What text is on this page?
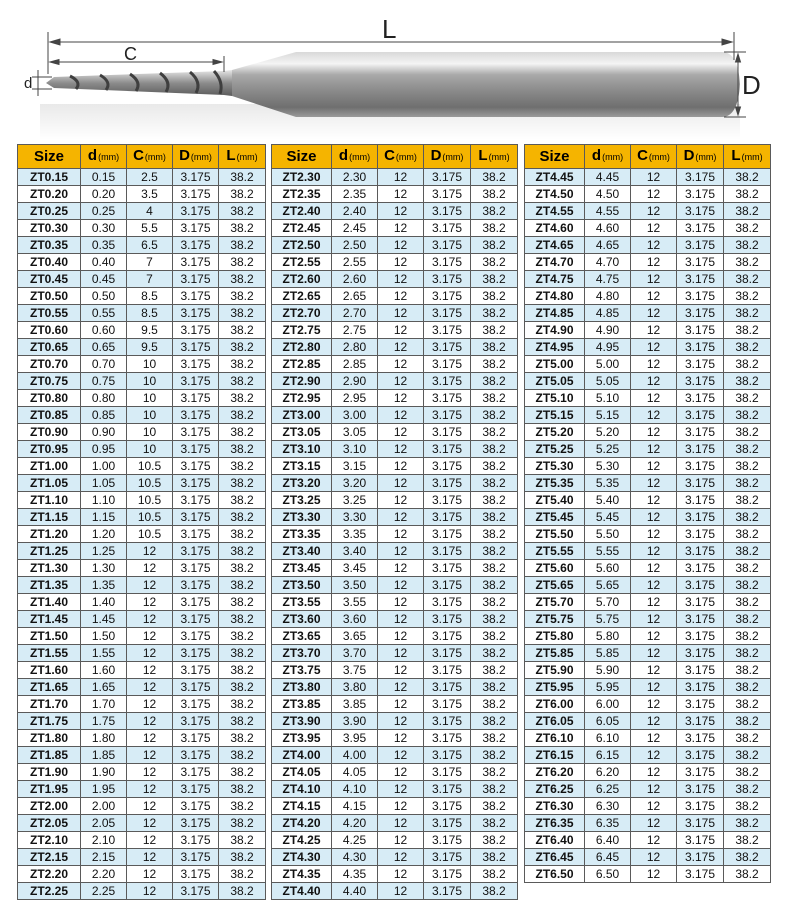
L
C
d	D
Size	d(mm)	C(mm)	D(mm)	L(mm)
ZT0.15	0.15	2.5	3.175	38.2
ZT0.20	0.20	3.5	3.175	38.2
ZT0.25	0.25	4	3.175	38.2
ZT0.30	0.30	5.5	3.175	38.2
ZT0.35	0.35	6.5	3.175	38.2
ZT0.40	0.40	7	3.175	38.2
ZT0.45	0.45	7	3.175	38.2
ZT0.50	0.50	8.5	3.175	38.2
ZT0.55	0.55	8.5	3.175	38.2
ZT0.60	0.60	9.5	3.175	38.2
ZT0.65	0.65	9.5	3.175	38.2
ZT0.70	0.70	10	3.175	38.2
ZT0.75	0.75	10	3.175	38.2
ZT0.80	0.80	10	3.175	38.2
ZT0.85	0.85	10	3.175	38.2
ZT0.90	0.90	10	3.175	38.2
ZT0.95	0.95	10	3.175	38.2
ZT1.00	1.00	10.5	3.175	38.2
ZT1.05	1.05	10.5	3.175	38.2
ZT1.10	1.10	10.5	3.175	38.2
ZT1.15	1.15	10.5	3.175	38.2
ZT1.20	1.20	10.5	3.175	38.2
ZT1.25	1.25	12	3.175	38.2
ZT1.30	1.30	12	3.175	38.2
ZT1.35	1.35	12	3.175	38.2
ZT1.40	1.40	12	3.175	38.2
ZT1.45	1.45	12	3.175	38.2
ZT1.50	1.50	12	3.175	38.2
ZT1.55	1.55	12	3.175	38.2
ZT1.60	1.60	12	3.175	38.2
ZT1.65	1.65	12	3.175	38.2
ZT1.70	1.70	12	3.175	38.2
ZT1.75	1.75	12	3.175	38.2
ZT1.80	1.80	12	3.175	38.2
ZT1.85	1.85	12	3.175	38.2
ZT1.90	1.90	12	3.175	38.2
ZT1.95	1.95	12	3.175	38.2
ZT2.00	2.00	12	3.175	38.2
ZT2.05	2.05	12	3.175	38.2
ZT2.10	2.10	12	3.175	38.2
ZT2.15	2.15	12	3.175	38.2
ZT2.20	2.20	12	3.175	38.2
ZT2.25	2.25	12	3.175	38.2
Size	d(mm)	C(mm)	D(mm)	L(mm)
ZT2.30	2.30	12	3.175	38.2
ZT2.35	2.35	12	3.175	38.2
ZT2.40	2.40	12	3.175	38.2
ZT2.45	2.45	12	3.175	38.2
ZT2.50	2.50	12	3.175	38.2
ZT2.55	2.55	12	3.175	38.2
ZT2.60	2.60	12	3.175	38.2
ZT2.65	2.65	12	3.175	38.2
ZT2.70	2.70	12	3.175	38.2
ZT2.75	2.75	12	3.175	38.2
ZT2.80	2.80	12	3.175	38.2
ZT2.85	2.85	12	3.175	38.2
ZT2.90	2.90	12	3.175	38.2
ZT2.95	2.95	12	3.175	38.2
ZT3.00	3.00	12	3.175	38.2
ZT3.05	3.05	12	3.175	38.2
ZT3.10	3.10	12	3.175	38.2
ZT3.15	3.15	12	3.175	38.2
ZT3.20	3.20	12	3.175	38.2
ZT3.25	3.25	12	3.175	38.2
ZT3.30	3.30	12	3.175	38.2
ZT3.35	3.35	12	3.175	38.2
ZT3.40	3.40	12	3.175	38.2
ZT3.45	3.45	12	3.175	38.2
ZT3.50	3.50	12	3.175	38.2
ZT3.55	3.55	12	3.175	38.2
ZT3.60	3.60	12	3.175	38.2
ZT3.65	3.65	12	3.175	38.2
ZT3.70	3.70	12	3.175	38.2
ZT3.75	3.75	12	3.175	38.2
ZT3.80	3.80	12	3.175	38.2
ZT3.85	3.85	12	3.175	38.2
ZT3.90	3.90	12	3.175	38.2
ZT3.95	3.95	12	3.175	38.2
ZT4.00	4.00	12	3.175	38.2
ZT4.05	4.05	12	3.175	38.2
ZT4.10	4.10	12	3.175	38.2
ZT4.15	4.15	12	3.175	38.2
ZT4.20	4.20	12	3.175	38.2
ZT4.25	4.25	12	3.175	38.2
ZT4.30	4.30	12	3.175	38.2
ZT4.35	4.35	12	3.175	38.2
ZT4.40	4.40	12	3.175	38.2
Size	d(mm)	C(mm)	D(mm)	L(mm)
ZT4.45	4.45	12	3.175	38.2
ZT4.50	4.50	12	3.175	38.2
ZT4.55	4.55	12	3.175	38.2
ZT4.60	4.60	12	3.175	38.2
ZT4.65	4.65	12	3.175	38.2
ZT4.70	4.70	12	3.175	38.2
ZT4.75	4.75	12	3.175	38.2
ZT4.80	4.80	12	3.175	38.2
ZT4.85	4.85	12	3.175	38.2
ZT4.90	4.90	12	3.175	38.2
ZT4.95	4.95	12	3.175	38.2
ZT5.00	5.00	12	3.175	38.2
ZT5.05	5.05	12	3.175	38.2
ZT5.10	5.10	12	3.175	38.2
ZT5.15	5.15	12	3.175	38.2
ZT5.20	5.20	12	3.175	38.2
ZT5.25	5.25	12	3.175	38.2
ZT5.30	5.30	12	3.175	38.2
ZT5.35	5.35	12	3.175	38.2
ZT5.40	5.40	12	3.175	38.2
ZT5.45	5.45	12	3.175	38.2
ZT5.50	5.50	12	3.175	38.2
ZT5.55	5.55	12	3.175	38.2
ZT5.60	5.60	12	3.175	38.2
ZT5.65	5.65	12	3.175	38.2
ZT5.70	5.70	12	3.175	38.2
ZT5.75	5.75	12	3.175	38.2
ZT5.80	5.80	12	3.175	38.2
ZT5.85	5.85	12	3.175	38.2
ZT5.90	5.90	12	3.175	38.2
ZT5.95	5.95	12	3.175	38.2
ZT6.00	6.00	12	3.175	38.2
ZT6.05	6.05	12	3.175	38.2
ZT6.10	6.10	12	3.175	38.2
ZT6.15	6.15	12	3.175	38.2
ZT6.20	6.20	12	3.175	38.2
ZT6.25	6.25	12	3.175	38.2
ZT6.30	6.30	12	3.175	38.2
ZT6.35	6.35	12	3.175	38.2
ZT6.40	6.40	12	3.175	38.2
ZT6.45	6.45	12	3.175	38.2
ZT6.50	6.50	12	3.175	38.2
